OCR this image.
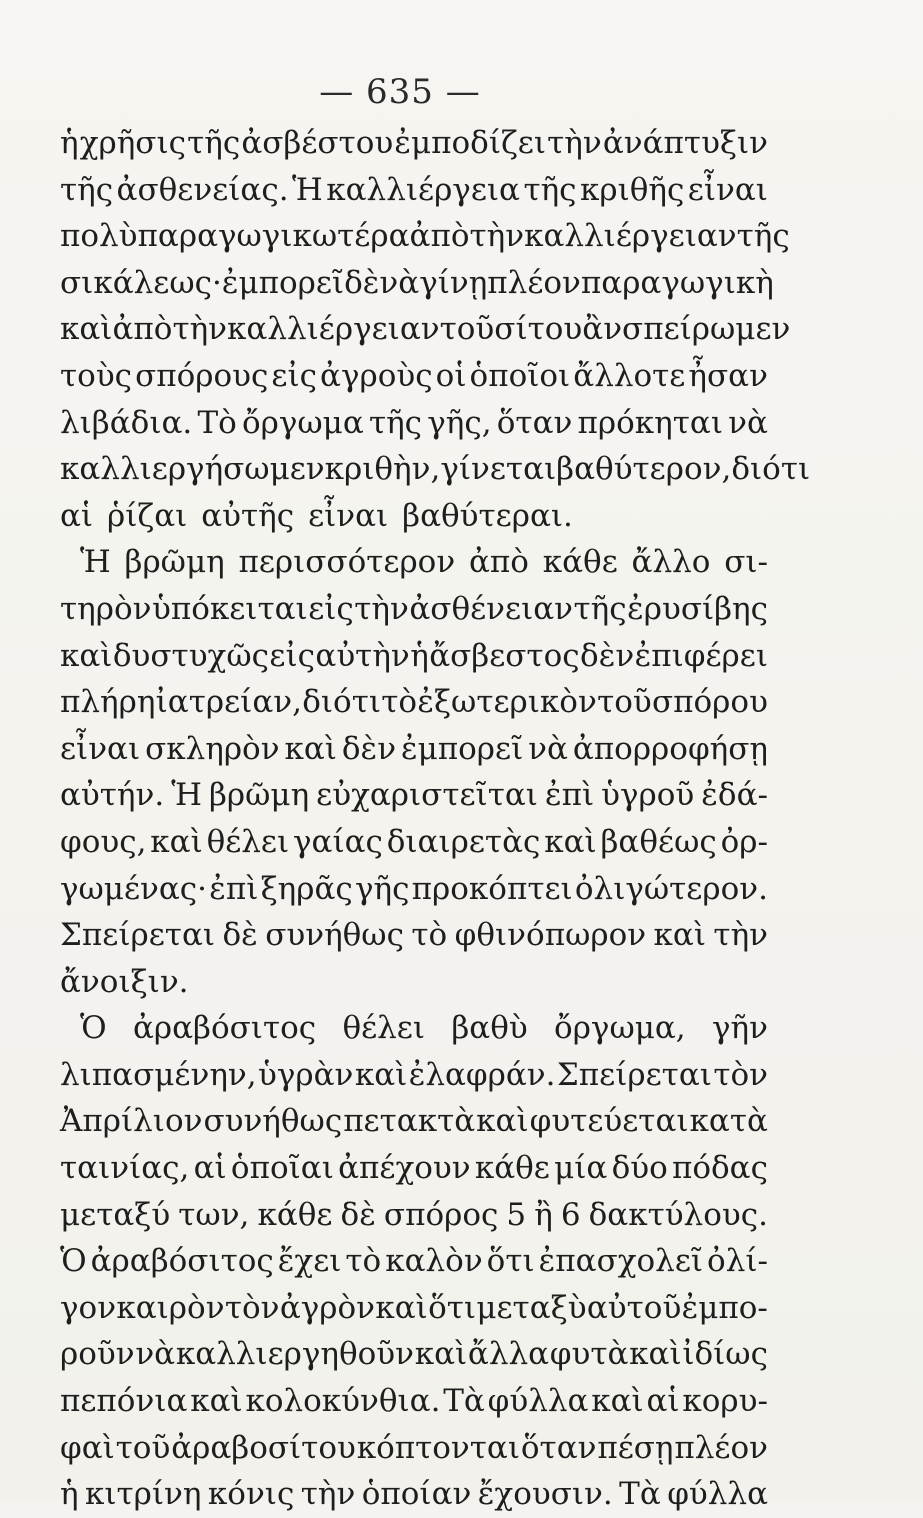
— 635 —
ἡ χρῆσις τῆς ἀσβέστου ἐμποδίζει τὴν ἀνάπτυξιν
τῆς ἀσθενείας. Ἡ καλλιέργεια τῆς κριθῆς εἶναι
πολὺ παραγωγικωτέρα ἀπὸ τὴν καλλιέργειαν τῆς
σικάλεως· ἐμπορεῖ δὲ νὰ γίνῃ πλέον παραγωγικὴ
καὶ ἀπὸ τὴν καλλιέργειαν τοῦ σίτου ἂν σπείρωμεν
τοὺς σπόρους εἰς ἀγροὺς οἱ ὁποῖοι ἄλλοτε ἦσαν
λιβάδια. Τὸ ὄργωμα τῆς γῆς, ὅταν πρόκηται νὰ
καλλιεργήσωμεν κριθὴν, γίνεται βαθύτερον, διότι
αἱ ῥίζαι αὐτῆς εἶναι βαθύτεραι.
Ἡ βρῶμη περισσότερον ἀπὸ κάθε ἄλλο σι-
τηρὸν ὑπόκειται εἰς τὴν ἀσθένειαν τῆς ἐρυσίβης
καὶ δυστυχῶς εἰς αὐτὴν ἡ ἄσβεστος δὲν ἐπιφέρει
πλήρη ἰατρείαν, διότι τὸ ἐξωτερικὸν τοῦ σπόρου
εἶναι σκληρὸν καὶ δὲν ἐμπορεῖ νὰ ἀπορροφήσῃ
αὐτήν. Ἡ βρῶμη εὐχαριστεῖται ἐπὶ ὑγροῦ ἐδά-
φους, καὶ θέλει γαίας διαιρετὰς καὶ βαθέως ὀρ-
γωμένας· ἐπὶ ξηρᾶς γῆς προκόπτει ὀλιγώτερον.
Σπείρεται δὲ συνήθως τὸ φθινόπωρον καὶ τὴν
ἄνοιξιν.
Ὁ ἀραβόσιτος θέλει βαθὺ ὄργωμα, γῆν
λιπασμένην, ὑγρὰν καὶ ἐλαφράν. Σπείρεται τὸν
Ἀπρίλιον συνήθως πετακτὰ καὶ φυτεύεται κατὰ
ταινίας, αἱ ὁποῖαι ἀπέχουν κάθε μία δύο πόδας
μεταξύ των, κάθε δὲ σπόρος 5 ἢ 6 δακτύλους.
Ὁ ἀραβόσιτος ἔχει τὸ καλὸν ὅτι ἐπασχολεῖ ὀλί-
γον καιρὸν τὸν ἀγρὸν καὶ ὅτι μεταξὺ αὐτοῦ ἐμπο-
ροῦν νὰ καλλιεργηθοῦν καὶ ἄλλα φυτὰ καὶ ἰδίως
πεπόνια καὶ κολοκύνθια. Τὰ φύλλα καὶ αἱ κορυ-
φαὶ τοῦ ἀραβοσίτου κόπτονται ὅταν πέσῃ πλέον
ἡ κιτρίνη κόνις τὴν ὁποίαν ἔχουσιν. Τὰ φύλλα
